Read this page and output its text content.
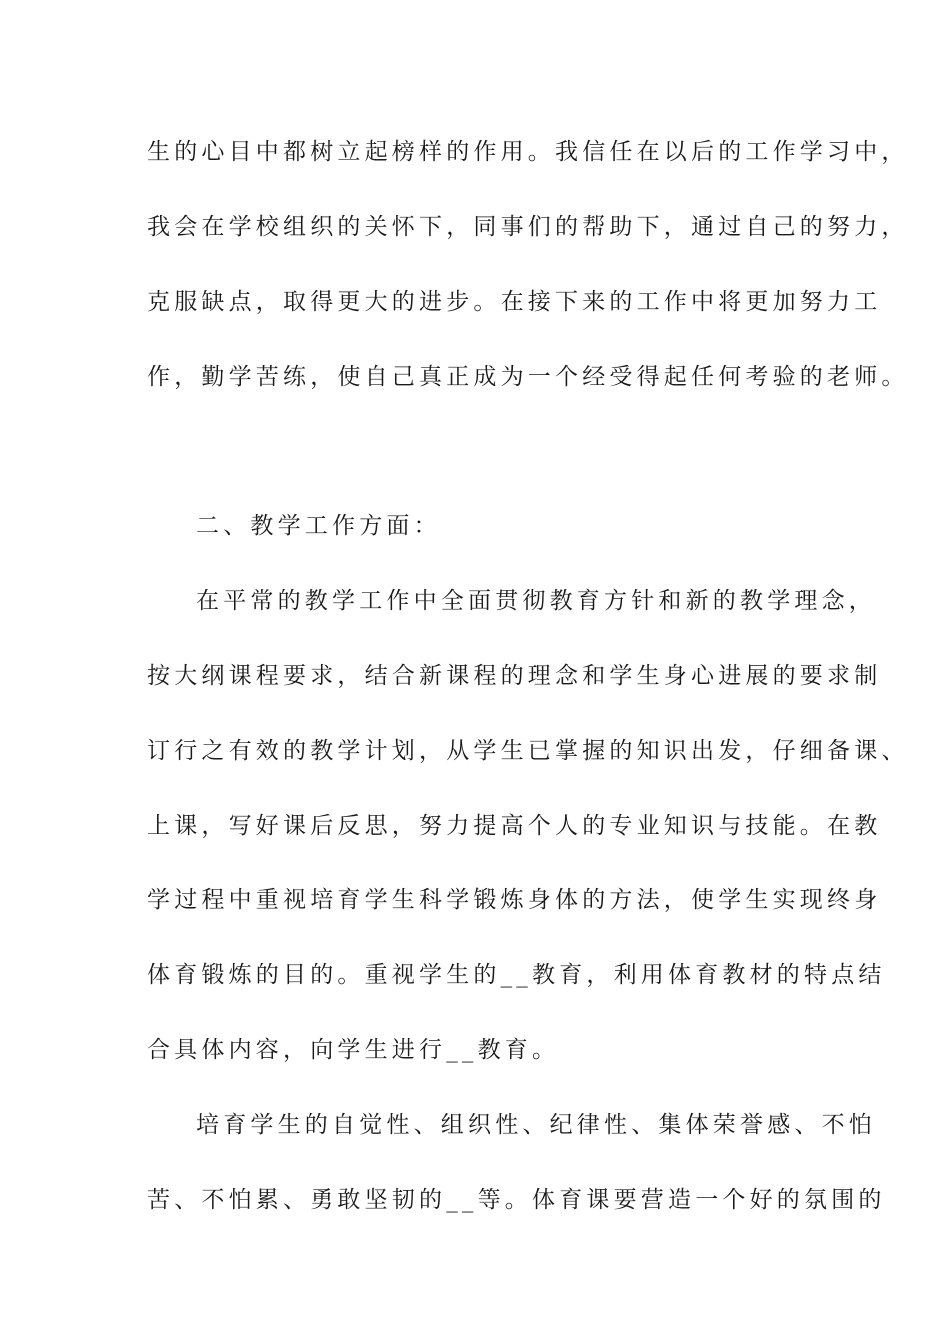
生的心目中都树立起榜样的作用。我信任在以后的工作学习中，
我会在学校组织的关怀下，同事们的帮助下，通过自己的努力，
克服缺点，取得更大的进步。在接下来的工作中将更加努力工
作，勤学苦练，使自己真正成为一个经受得起任何考验的老师。
二、教学工作方面：
在平常的教学工作中全面贯彻教育方针和新的教学理念，
按大纲课程要求，结合新课程的理念和学生身心进展的要求制
订行之有效的教学计划，从学生已掌握的知识出发，仔细备课、
上课，写好课后反思，努力提高个人的专业知识与技能。在教
学过程中重视培育学生科学锻炼身体的方法，使学生实现终身
体育锻炼的目的。重视学生的__教育，利用体育教材的特点结
合具体内容，向学生进行__教育。
培育学生的自觉性、组织性、纪律性、集体荣誉感、不怕
苦、不怕累、勇敢坚韧的__等。体育课要营造一个好的氛围的
